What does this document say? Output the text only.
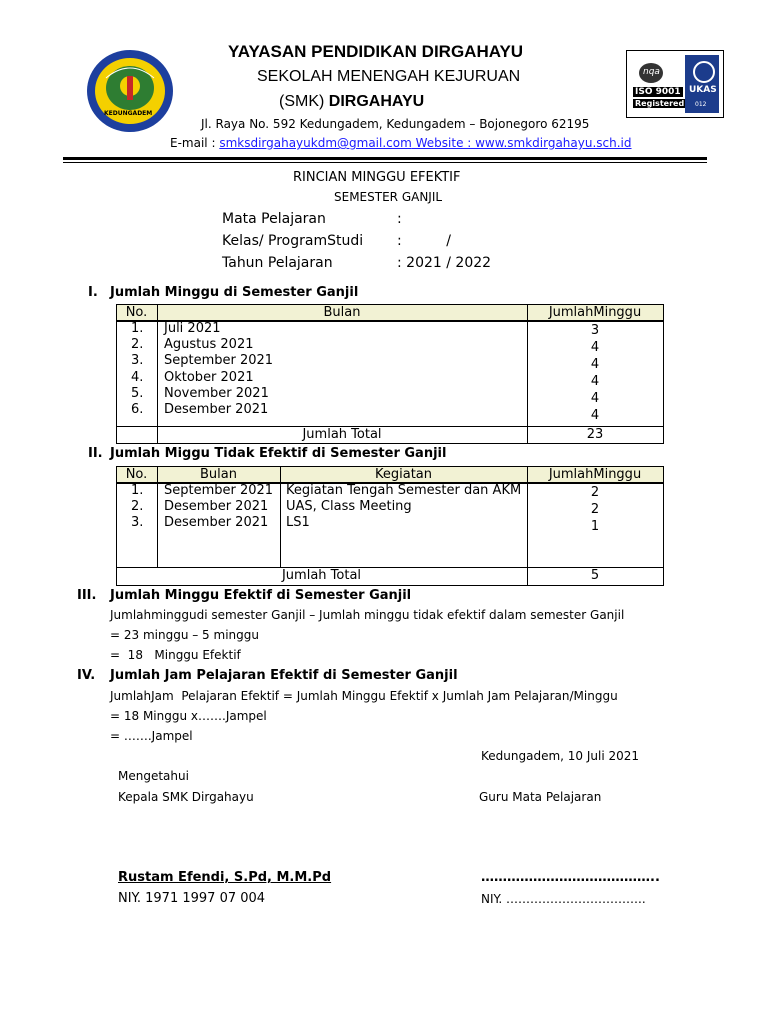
KEDUNGADEM
nqa
ISO 9001
Registered
UKAS
012
YAYASAN PENDIDIKAN DIRGAHAYU
SEKOLAH MENENGAH KEJURUAN
(SMK) DIRGAHAYU
Jl. Raya No. 592 Kedungadem, Kedungadem – Bojonegoro 62195
E-mail : smksdirgahayukdm@gmail.com Website : www.smkdirgahayu.sch.id
RINCIAN MINGGU EFEKTIF
SEMESTER GANJIL
Mata Pelajaran	:
Kelas/ ProgramStudi :          /
Tahun Pelajaran	: 2021 / 2022
I. Jumlah Minggu di Semester Ganjil
No.	Bulan	JumlahMinggu
1. Juli 2021	3
2. Agustus 2021	4
3. September 2021	4
4. Oktober 2021	4
5. November 2021	4
6. Desember 2021	4
Jumlah Total	23
II. Jumlah Miggu Tidak Efektif di Semester Ganjil
No.	Bulan	Kegiatan	JumlahMinggu
1. September 2021 Kegiatan Tengah Semester dan AKM	2
2. Desember 2021 UAS, Class Meeting	2
3. Desember 2021 LS1	1
Jumlah Total	5
III. Jumlah Minggu Efektif di Semester Ganjil
Jumlahminggudi semester Ganjil – Jumlah minggu tidak efektif dalam semester Ganjil
= 23 minggu – 5 minggu
=  18   Minggu Efektif
IV. Jumlah Jam Pelajaran Efektif di Semester Ganjil
JumlahJam  Pelajaran Efektif = Jumlah Minggu Efektif x Jumlah Jam Pelajaran/Minggu
= 18 Minggu x…….Jampel
= …….Jampel
Kedungadem, 10 Juli 2021
Mengetahui
Kepala SMK Dirgahayu	Guru Mata Pelajaran
Rustam Efendi, S.Pd, M.M.Pd	…………………………………..
NIY. 1971 1997 07 004	NIY. ……………………………..
